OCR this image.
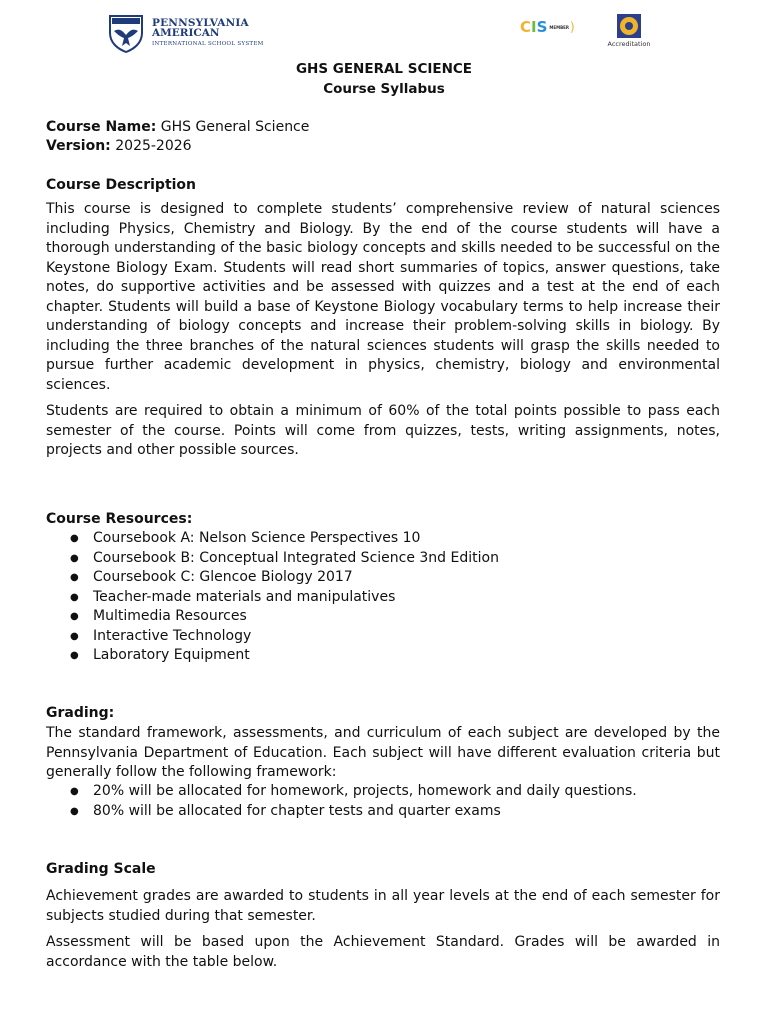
PENNSYLVANIA
AMERICAN
INTERNATIONAL SCHOOL SYSTEM
C I S MEMBER )
Accreditation
GHS GENERAL SCIENCE
Course Syllabus
Course Name: GHS General Science
Version: 2025-2026
Course Description
This course is designed to complete students’ comprehensive review of natural sciences including Physics, Chemistry and Biology. By the end of the course students will have a thorough understanding of the basic biology concepts and skills needed to be successful on the Keystone Biology Exam. Students will read short summaries of topics, answer questions, take notes, do supportive activities and be assessed with quizzes and a test at the end of each chapter. Students will build a base of Keystone Biology vocabulary terms to help increase their understanding of biology concepts and increase their problem-solving skills in biology. By including the three branches of the natural sciences students will grasp the skills needed to pursue further academic development in physics, chemistry, biology and environmental sciences.
Students are required to obtain a minimum of 60% of the total points possible to pass each semester of the course. Points will come from quizzes, tests, writing assignments, notes, projects and other possible sources.
Course Resources:
● Coursebook A: Nelson Science Perspectives 10
● Coursebook B: Conceptual Integrated Science 3nd Edition
● Coursebook C: Glencoe Biology 2017
● Teacher-made materials and manipulatives
● Multimedia Resources
● Interactive Technology
● Laboratory Equipment
Grading:
The standard framework, assessments, and curriculum of each subject are developed by the Pennsylvania Department of Education. Each subject will have different evaluation criteria but generally follow the following framework:
● 20% will be allocated for homework, projects, homework and daily questions.
● 80% will be allocated for chapter tests and quarter exams
Grading Scale
Achievement grades are awarded to students in all year levels at the end of each semester for subjects studied during that semester.
Assessment will be based upon the Achievement Standard. Grades will be awarded in accordance with the table below.
